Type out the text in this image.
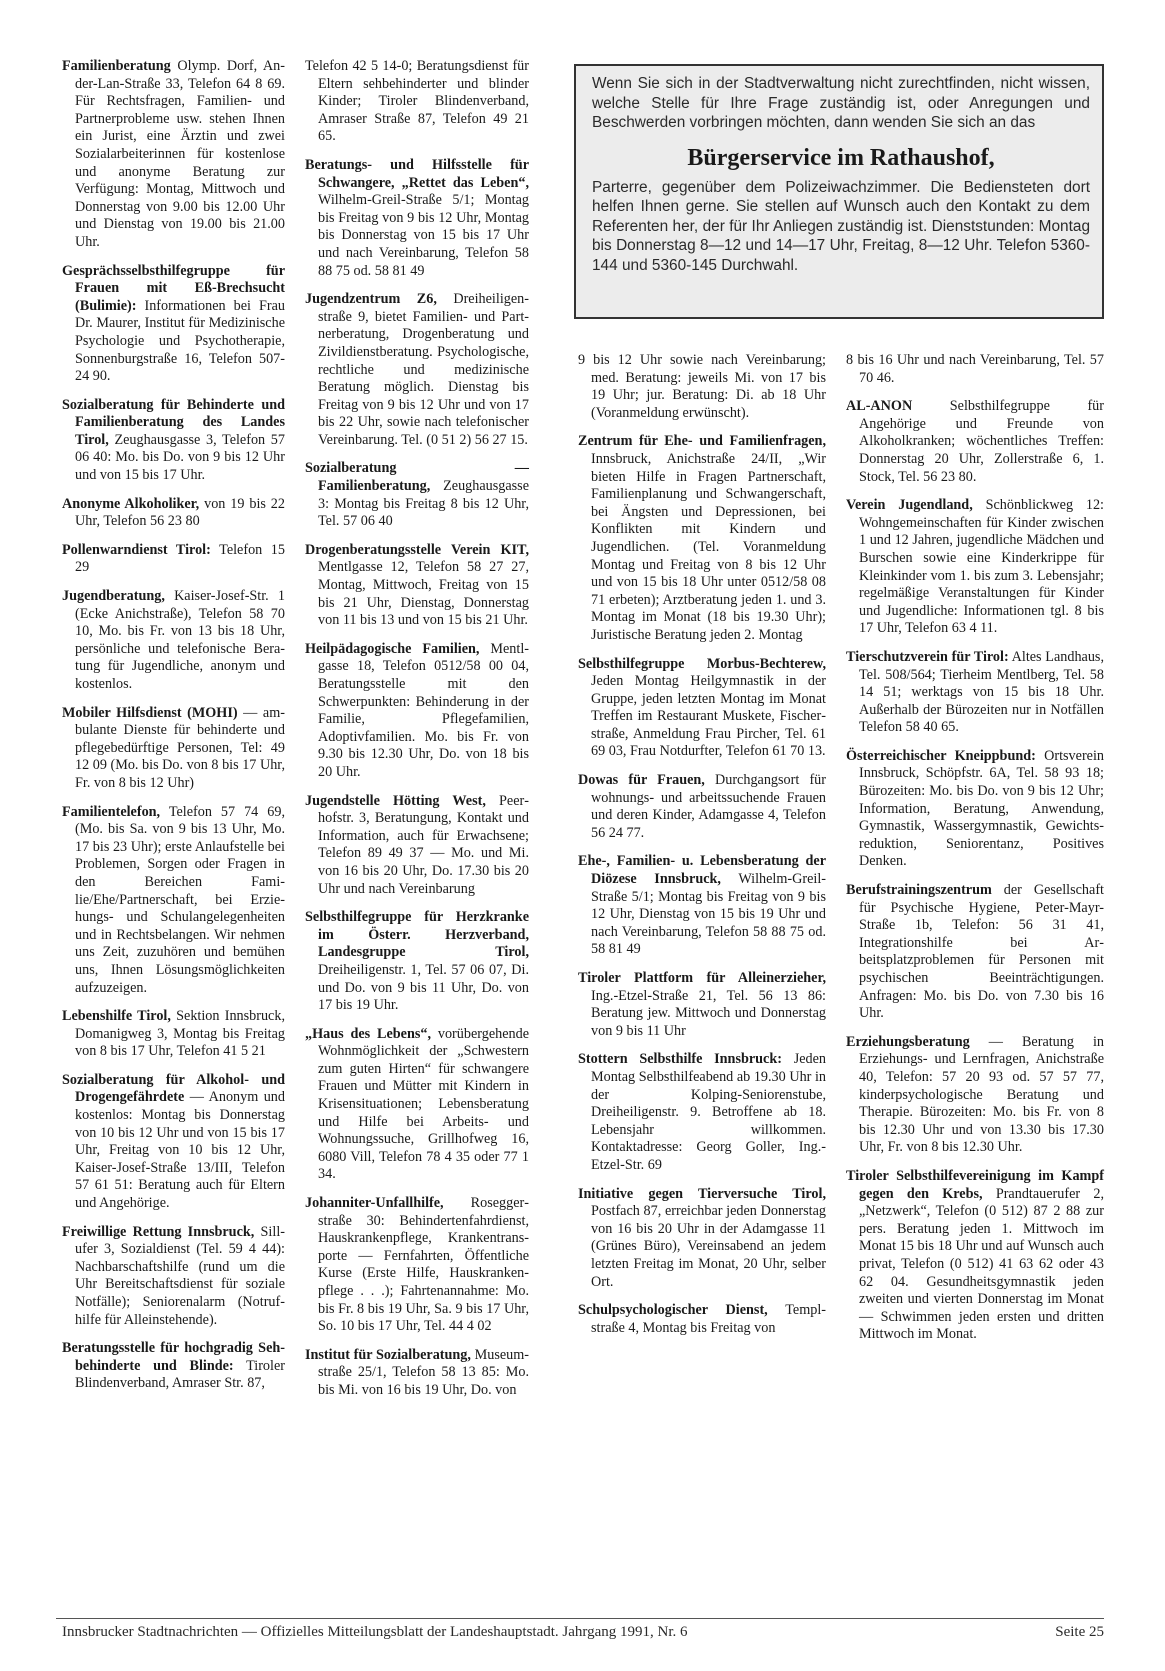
Familienberatung Olymp. Dorf, Ander-Lan-Straße 33, Telefon 64 8 69. Für Rechtsfragen, Familien- und Partnerprobleme usw. stehen Ihnen ein Jurist, eine Ärztin und zwei Sozialarbeiterinnen für kostenlose und anonyme Beratung zur Verfügung: Montag, Mittwoch und Donnerstag von 9.00 bis 12.00 Uhr und Dienstag von 19.00 bis 21.00 Uhr.

Gesprächsselbsthilfegruppe für Frauen mit Eß-Brechsucht (Bulimie): Informationen bei Frau Dr. Maurer, Institut für Medizinische Psychologie und Psychotherapie, Sonnenburgstraße 16, Telefon 507-24 90.

Sozialberatung für Behinderte und Familienberatung des Landes Tirol, Zeughausgasse 3, Telefon 57 06 40: Mo. bis Do. von 9 bis 12 Uhr und von 15 bis 17 Uhr.

Anonyme Alkoholiker, von 19 bis 22 Uhr, Telefon 56 23 80

Pollenwarndienst Tirol: Telefon 15 29

Jugendberatung, Kaiser-Josef-Str. 1 (Ecke Anichstraße), Telefon 58 70 10, Mo. bis Fr. von 13 bis 18 Uhr, persönliche und telefonische Beratung für Jugendliche, anonym und kostenlos.

Mobiler Hilfsdienst (MOHI) — ambulante Dienste für behinderte und pflegebedürftige Personen, Tel: 49 12 09 (Mo. bis Do. von 8 bis 17 Uhr, Fr. von 8 bis 12 Uhr)

Familientelefon, Telefon 57 74 69, (Mo. bis Sa. von 9 bis 13 Uhr, Mo. 17 bis 23 Uhr); erste Anlaufstelle bei Problemen, Sorgen oder Fragen in den Bereichen Familie/Ehe/Partnerschaft, bei Erziehungs- und Schulangelegenheiten und in Rechtsbelangen. Wir nehmen uns Zeit, zuzuhören und bemühen uns, Ihnen Lösungsmöglichkeiten aufzuzeigen.

Lebenshilfe Tirol, Sektion Innsbruck, Domanigweg 3, Montag bis Freitag von 8 bis 17 Uhr, Telefon 41 5 21

Sozialberatung für Alkohol- und Drogengefährdete — Anonym und kostenlos: Montag bis Donnerstag von 10 bis 12 Uhr und von 15 bis 17 Uhr, Freitag von 10 bis 12 Uhr, Kaiser-Josef-Straße 13/III, Telefon 57 61 51: Beratung auch für Eltern und Angehörige.

Freiwillige Rettung Innsbruck, Sillufer 3, Sozialdienst (Tel. 59 4 44): Nachbarschaftshilfe (rund um die Uhr Bereitschaftsdienst für soziale Notfälle); Seniorenalarm (Notrufhilfe für Alleinstehende).

Beratungsstelle für hochgradig Sehbehinderte und Blinde: Tiroler Blindenverband, Amraser Str. 87,

Telefon 42 5 14-0; Beratungsdienst für Eltern sehbehinderter und blinder Kinder; Tiroler Blindenverband, Amraser Straße 87, Telefon 49 21 65.

Beratungs- und Hilfsstelle für Schwangere, „Rettet das Leben“, Wilhelm-Greil-Straße 5/1; Montag bis Freitag von 9 bis 12 Uhr, Montag bis Donnerstag von 15 bis 17 Uhr und nach Vereinbarung, Telefon 58 88 75 od. 58 81 49

Jugendzentrum Z6, Dreiheiligenstraße 9, bietet Familien- und Partnerberatung, Drogenberatung und Zivildienstberatung. Psychologische, rechtliche und medizinische Beratung möglich. Dienstag bis Freitag von 9 bis 12 Uhr und von 17 bis 22 Uhr, sowie nach telefonischer Vereinbarung. Tel. (0 51 2) 56 27 15.

Sozialberatung — Familienberatung, Zeughausgasse 3: Montag bis Freitag 8 bis 12 Uhr, Tel. 57 06 40

Drogenberatungsstelle Verein KIT, Mentlgasse 12, Telefon 58 27 27, Montag, Mittwoch, Freitag von 15 bis 21 Uhr, Dienstag, Donnerstag von 11 bis 13 und von 15 bis 21 Uhr.

Heilpädagogische Familien, Mentlgasse 18, Telefon 0512/58 00 04, Beratungsstelle mit den Schwerpunkten: Behinderung in der Familie, Pflegefamilien, Adoptivfamilien. Mo. bis Fr. von 9.30 bis 12.30 Uhr, Do. von 18 bis 20 Uhr.

Jugendstelle Hötting West, Peerhofstr. 3, Beratungung, Kontakt und Information, auch für Erwachsene; Telefon 89 49 37 — Mo. und Mi. von 16 bis 20 Uhr, Do. 17.30 bis 20 Uhr und nach Vereinbarung

Selbsthilfegruppe für Herzkranke im Österr. Herzverband, Landesgruppe Tirol, Dreiheiligenstr. 1, Tel. 57 06 07, Di. und Do. von 9 bis 11 Uhr, Do. von 17 bis 19 Uhr.

„Haus des Lebens“, vorübergehende Wohnmöglichkeit der „Schwestern zum guten Hirten“ für schwangere Frauen und Mütter mit Kindern in Krisensituationen; Lebensberatung und Hilfe bei Arbeits- und Wohnungssuche, Grillhofweg 16, 6080 Vill, Telefon 78 4 35 oder 77 1 34.

Johanniter-Unfallhilfe, Roseggerstraße 30: Behindertenfahrdienst, Hauskrankenpflege, Krankentransporte — Fernfahrten, Öffentliche Kurse (Erste Hilfe, Hauskrankenpflege . . .); Fahrtenannahme: Mo. bis Fr. 8 bis 19 Uhr, Sa. 9 bis 17 Uhr, So. 10 bis 17 Uhr, Tel. 44 4 02

Institut für Sozialberatung, Museumstraße 25/1, Telefon 58 13 85: Mo. bis Mi. von 16 bis 19 Uhr, Do. von

Wenn Sie sich in der Stadtverwaltung nicht zurechtfinden, nicht wissen, welche Stelle für Ihre Frage zuständig ist, oder Anregungen und Beschwerden vorbringen möchten, dann wenden Sie sich an das

Bürgerservice im Rathaushof,

Parterre, gegenüber dem Polizeiwachzimmer. Die Bediensteten dort helfen Ihnen gerne. Sie stellen auf Wunsch auch den Kontakt zu dem Referenten her, der für Ihr Anliegen zuständig ist. Dienststunden: Montag bis Donnerstag 8—12 und 14—17 Uhr, Freitag, 8—12 Uhr. Telefon 5360-144 und 5360-145 Durchwahl.

9 bis 12 Uhr sowie nach Vereinbarung; med. Beratung: jeweils Mi. von 17 bis 19 Uhr; jur. Beratung: Di. ab 18 Uhr (Voranmeldung erwünscht).

Zentrum für Ehe- und Familienfragen, Innsbruck, Anichstraße 24/II, „Wir bieten Hilfe in Fragen Partnerschaft, Familienplanung und Schwangerschaft, bei Ängsten und Depressionen, bei Konflikten mit Kindern und Jugendlichen. (Tel. Voranmeldung Montag und Freitag von 8 bis 12 Uhr und von 15 bis 18 Uhr unter 0512/58 08 71 erbeten); Arztberatung jeden 1. und 3. Montag im Monat (18 bis 19.30 Uhr); Juristische Beratung jeden 2. Montag

Selbsthilfegruppe Morbus-Bechterew, Jeden Montag Heilgymnastik in der Gruppe, jeden letzten Montag im Monat Treffen im Restaurant Muskete, Fischerstraße, Anmeldung Frau Pircher, Tel. 61 69 03, Frau Notdurfter, Telefon 61 70 13.

Dowas für Frauen, Durchgangsort für wohnungs- und arbeitssuchende Frauen und deren Kinder, Adamgasse 4, Telefon 56 24 77.

Ehe-, Familien- u. Lebensberatung der Diözese Innsbruck, Wilhelm-Greil-Straße 5/1; Montag bis Freitag von 9 bis 12 Uhr, Dienstag von 15 bis 19 Uhr und nach Vereinbarung, Telefon 58 88 75 od. 58 81 49

Tiroler Plattform für Alleinerzieher, Ing.-Etzel-Straße 21, Tel. 56 13 86: Beratung jew. Mittwoch und Donnerstag von 9 bis 11 Uhr

Stottern Selbsthilfe Innsbruck: Jeden Montag Selbsthilfeabend ab 19.30 Uhr in der Kolping-Seniorenstube, Dreiheiligenstr. 9. Betroffene ab 18. Lebensjahr willkommen. Kontaktadresse: Georg Goller, Ing.-Etzel-Str. 69

Initiative gegen Tierversuche Tirol, Postfach 87, erreichbar jeden Donnerstag von 16 bis 20 Uhr in der Adamgasse 11 (Grünes Büro), Vereinsabend an jedem letzten Freitag im Monat, 20 Uhr, selber Ort.

Schulpsychologischer Dienst, Templstraße 4, Montag bis Freitag von

8 bis 16 Uhr und nach Vereinbarung, Tel. 57 70 46.

AL-ANON Selbsthilfegruppe für Angehörige und Freunde von Alkoholkranken; wöchentliches Treffen: Donnerstag 20 Uhr, Zollerstraße 6, 1. Stock, Tel. 56 23 80.

Verein Jugendland, Schönblickweg 12: Wohngemeinschaften für Kinder zwischen 1 und 12 Jahren, jugendliche Mädchen und Burschen sowie eine Kinderkrippe für Kleinkinder vom 1. bis zum 3. Lebensjahr; regelmäßige Veranstaltungen für Kinder und Jugendliche: Informationen tgl. 8 bis 17 Uhr, Telefon 63 4 11.

Tierschutzverein für Tirol: Altes Landhaus, Tel. 508/564; Tierheim Mentlberg, Tel. 58 14 51; werktags von 15 bis 18 Uhr. Außerhalb der Bürozeiten nur in Notfällen Telefon 58 40 65.

Österreichischer Kneippbund: Ortsverein Innsbruck, Schöpfstr. 6A, Tel. 58 93 18; Bürozeiten: Mo. bis Do. von 9 bis 12 Uhr; Information, Beratung, Anwendung, Gymnastik, Wassergymnastik, Gewichtsreduktion, Seniorentanz, Positives Denken.

Berufstrainingszentrum der Gesellschaft für Psychische Hygiene, Peter-Mayr-Straße 1b, Telefon: 56 31 41, Integrationshilfe bei Arbeitsplatzproblemen für Personen mit psychischen Beeinträchtigungen. Anfragen: Mo. bis Do. von 7.30 bis 16 Uhr.

Erziehungsberatung — Beratung in Erziehungs- und Lernfragen, Anichstraße 40, Telefon: 57 20 93 od. 57 57 77, kinderpsychologische Beratung und Therapie. Bürozeiten: Mo. bis Fr. von 8 bis 12.30 Uhr und von 13.30 bis 17.30 Uhr, Fr. von 8 bis 12.30 Uhr.

Tiroler Selbsthilfevereinigung im Kampf gegen den Krebs, Prandtauerufer 2, „Netzwerk“, Telefon (0 512) 87 2 88 zur pers. Beratung jeden 1. Mittwoch im Monat 15 bis 18 Uhr und auf Wunsch auch privat, Telefon (0 512) 41 63 62 oder 43 62 04. Gesundheitsgymnastik jeden zweiten und vierten Donnerstag im Monat — Schwimmen jeden ersten und dritten Mittwoch im Monat.

Innsbrucker Stadtnachrichten — Offizielles Mitteilungsblatt der Landeshauptstadt. Jahrgang 1991, Nr. 6	Seite 25
